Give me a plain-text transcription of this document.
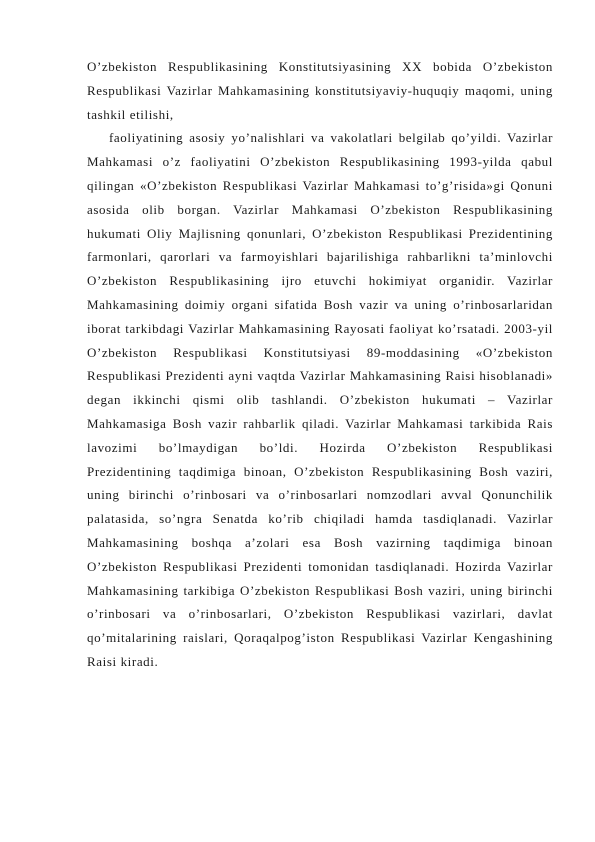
O’zbekiston Respublikasining Konstitutsiyasining XX bobida O’zbekiston Respublikasi Vazirlar Mahkamasining konstitutsiyaviy-huquqiy maqomi, uning tashkil etilishi,

faoliyatining asosiy yo’nalishlari va vakolatlari belgilab qo’yildi. Vazirlar Mahkamasi o’z faoliyatini O’zbekiston Respublikasining 1993-yilda qabul qilingan «O’zbekiston Respublikasi Vazirlar Mahkamasi to’g’risida»gi Qonuni asosida olib borgan. Vazirlar Mahkamasi O’zbekiston Respublikasining hukumati Oliy Majlisning qonunlari, O’zbekiston Respublikasi Prezidentining farmonlari, qarorlari va farmoyishlari bajarilishiga rahbarlikni ta’minlovchi O’zbekiston Respublikasining ijro etuvchi hokimiyat organidir. Vazirlar Mahkamasining doimiy organi sifatida Bosh vazir va uning o’rinbosarlaridan iborat tarkibdagi Vazirlar Mahkamasining Rayosati faoliyat ko’rsatadi. 2003-yil O’zbekiston Respublikasi Konstitutsiyasi 89-moddasining «O’zbekiston Respublikasi Prezidenti ayni vaqtda Vazirlar Mahkamasining Raisi hisoblanadi» degan ikkinchi qismi olib tashlandi. O’zbekiston hukumati – Vazirlar Mahkamasiga Bosh vazir rahbarlik qiladi. Vazirlar Mahkamasi tarkibida Rais lavozimi bo’lmaydigan bo’ldi. Hozirda O’zbekiston Respublikasi Prezidentining taqdimiga binoan, O’zbekiston Respublikasining Bosh vaziri, uning birinchi o’rinbosari va o’rinbosarlari nomzodlari avval Qonunchilik palatasida, so’ngra Senatda ko’rib chiqiladi hamda tasdiqlanadi. Vazirlar Mahkamasining boshqa a’zolari esa Bosh vazirning taqdimiga binoan O’zbekiston Respublikasi Prezidenti tomonidan tasdiqlanadi. Hozirda Vazirlar Mahkamasining tarkibiga O’zbekiston Respublikasi Bosh vaziri, uning birinchi o’rinbosari va o’rinbosarlari, O’zbekiston Respublikasi vazirlari, davlat qo’mitalarining raislari, Qoraqalpog’iston Respublikasi Vazirlar Kengashining Raisi kiradi.
